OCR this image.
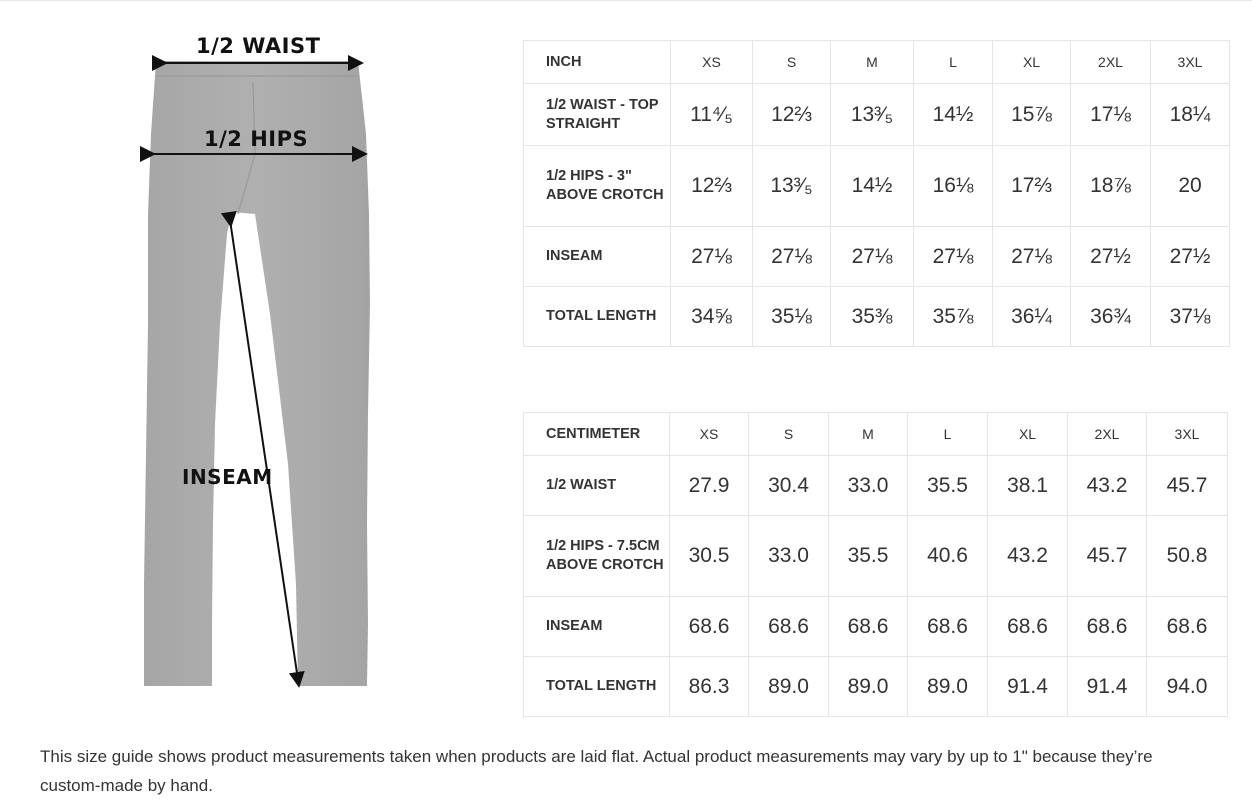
1/2 WAIST
1/2 HIPS
INSEAM
INCH	XS	S	M	L	XL	2XL	3XL
1/2 WAIST - TOP STRAIGHT	11⁴⁄₅	12⅔	13³⁄₅	14½	15⅞	17⅛	18¼
1/2 HIPS - 3" ABOVE CROTCH	12⅔	13³⁄₅	14½	16⅛	17⅔	18⅞	20
INSEAM	27⅛	27⅛	27⅛	27⅛	27⅛	27½	27½
TOTAL LENGTH	34⅝	35⅛	35⅜	35⅞	36¼	36¾	37⅛
CENTIMETER	XS	S	M	L	XL	2XL	3XL
1/2 WAIST	27.9	30.4	33.0	35.5	38.1	43.2	45.7
1/2 HIPS - 7.5CM ABOVE CROTCH	30.5	33.0	35.5	40.6	43.2	45.7	50.8
INSEAM	68.6	68.6	68.6	68.6	68.6	68.6	68.6
TOTAL LENGTH	86.3	89.0	89.0	89.0	91.4	91.4	94.0
This size guide shows product measurements taken when products are laid flat. Actual product measurements may vary by up to 1" because they’re custom-made by hand.
